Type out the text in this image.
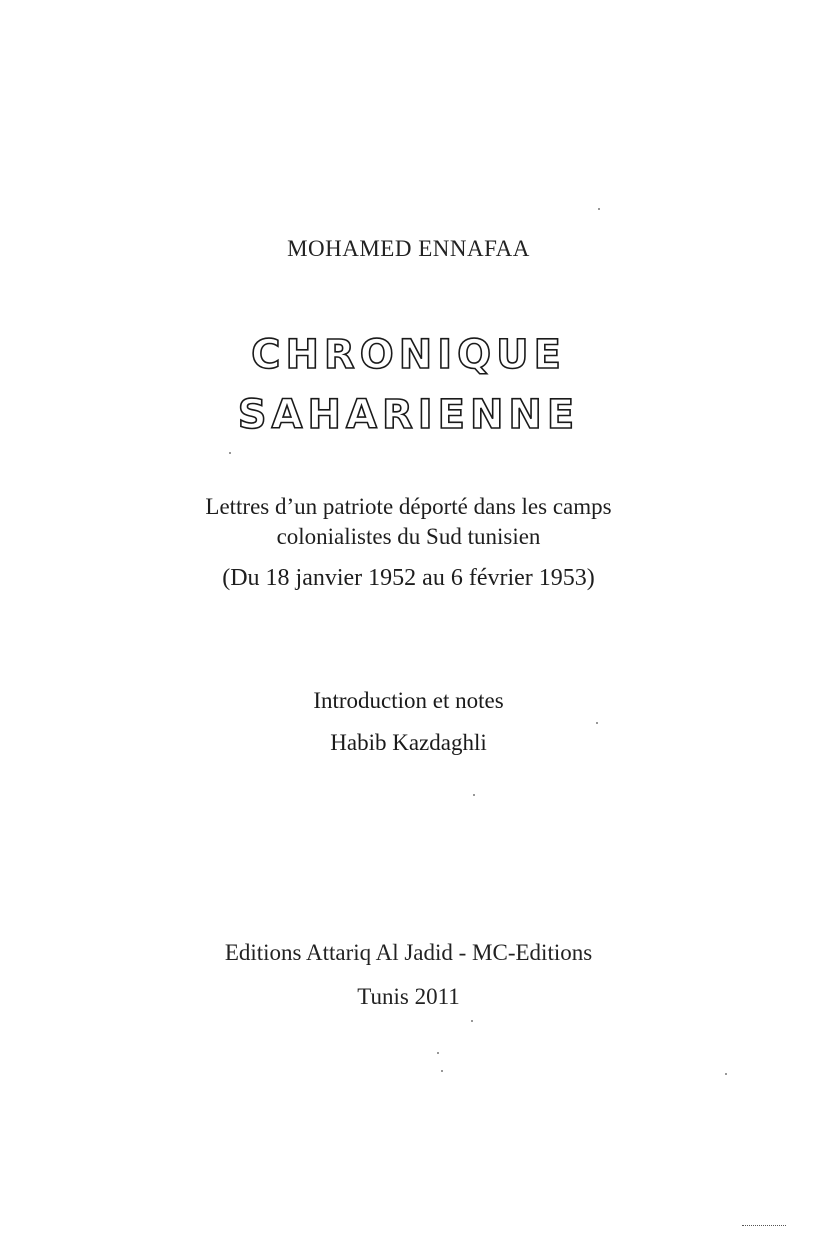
MOHAMED ENNAFAA
CHRONIQUE
SAHARIENNE
Lettres d’un patriote déporté dans les camps
colonialistes du Sud tunisien
(Du 18 janvier 1952 au 6 février 1953)
Introduction et notes
Habib Kazdaghli
Editions Attariq Al Jadid - MC-Editions
Tunis 2011
